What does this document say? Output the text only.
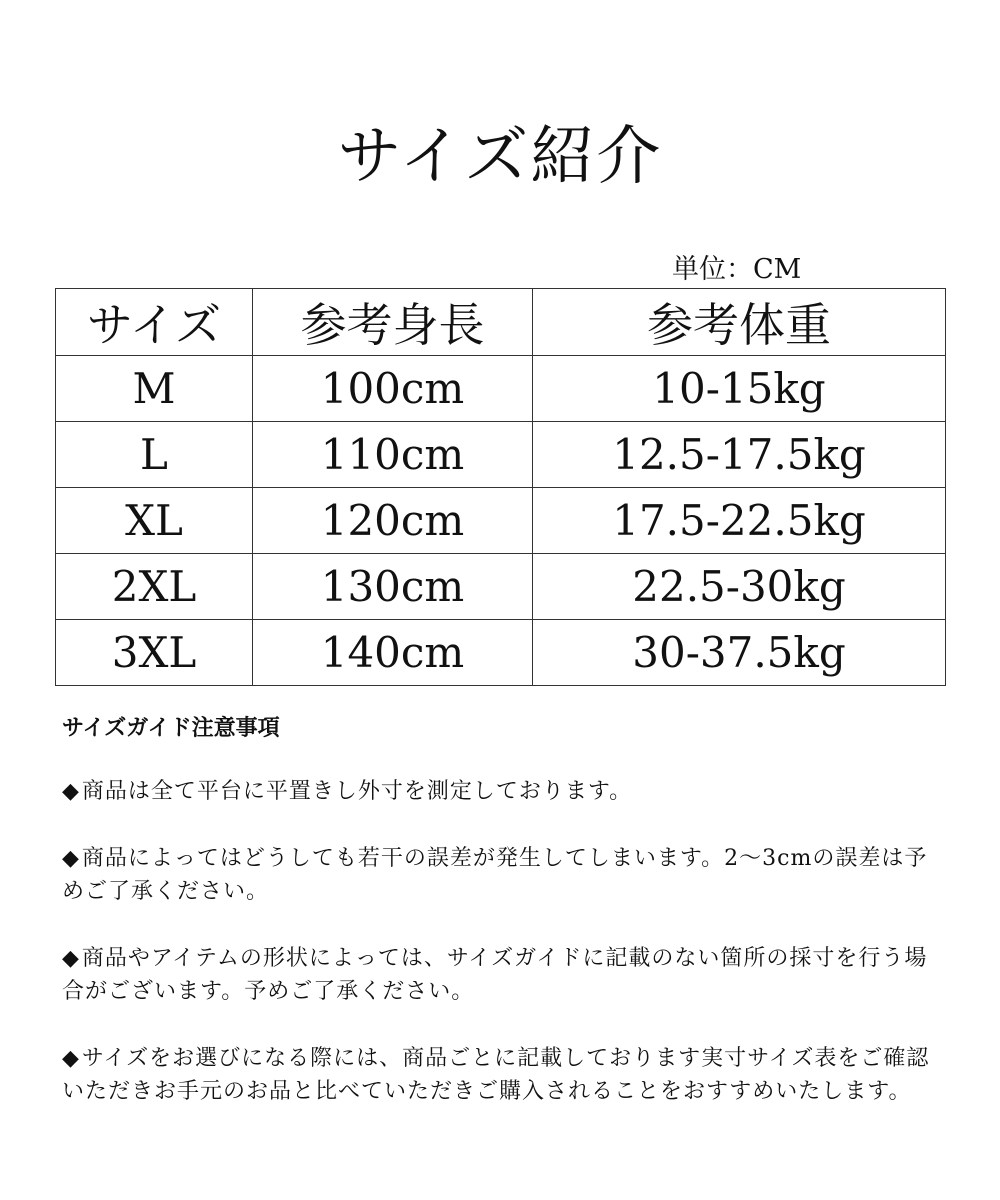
サイズ紹介
単位：CM
サイズ	参考身長	参考体重
M	100cm	10-15kg
L	110cm	12.5-17.5kg
XL	120cm	17.5-22.5kg
2XL	130cm	22.5-30kg
3XL	140cm	30-37.5kg
サイズガイド注意事項
◆商品は全て平台に平置きし外寸を測定しております。
◆商品によってはどうしても若干の誤差が発生してしまいます。2～3cmの誤差は予めご了承ください。
◆商品やアイテムの形状によっては、サイズガイドに記載のない箇所の採寸を行う場合がございます。予めご了承ください。
◆サイズをお選びになる際には、商品ごとに記載しております実寸サイズ表をご確認いただきお手元のお品と比べていただきご購入されることをおすすめいたします。
